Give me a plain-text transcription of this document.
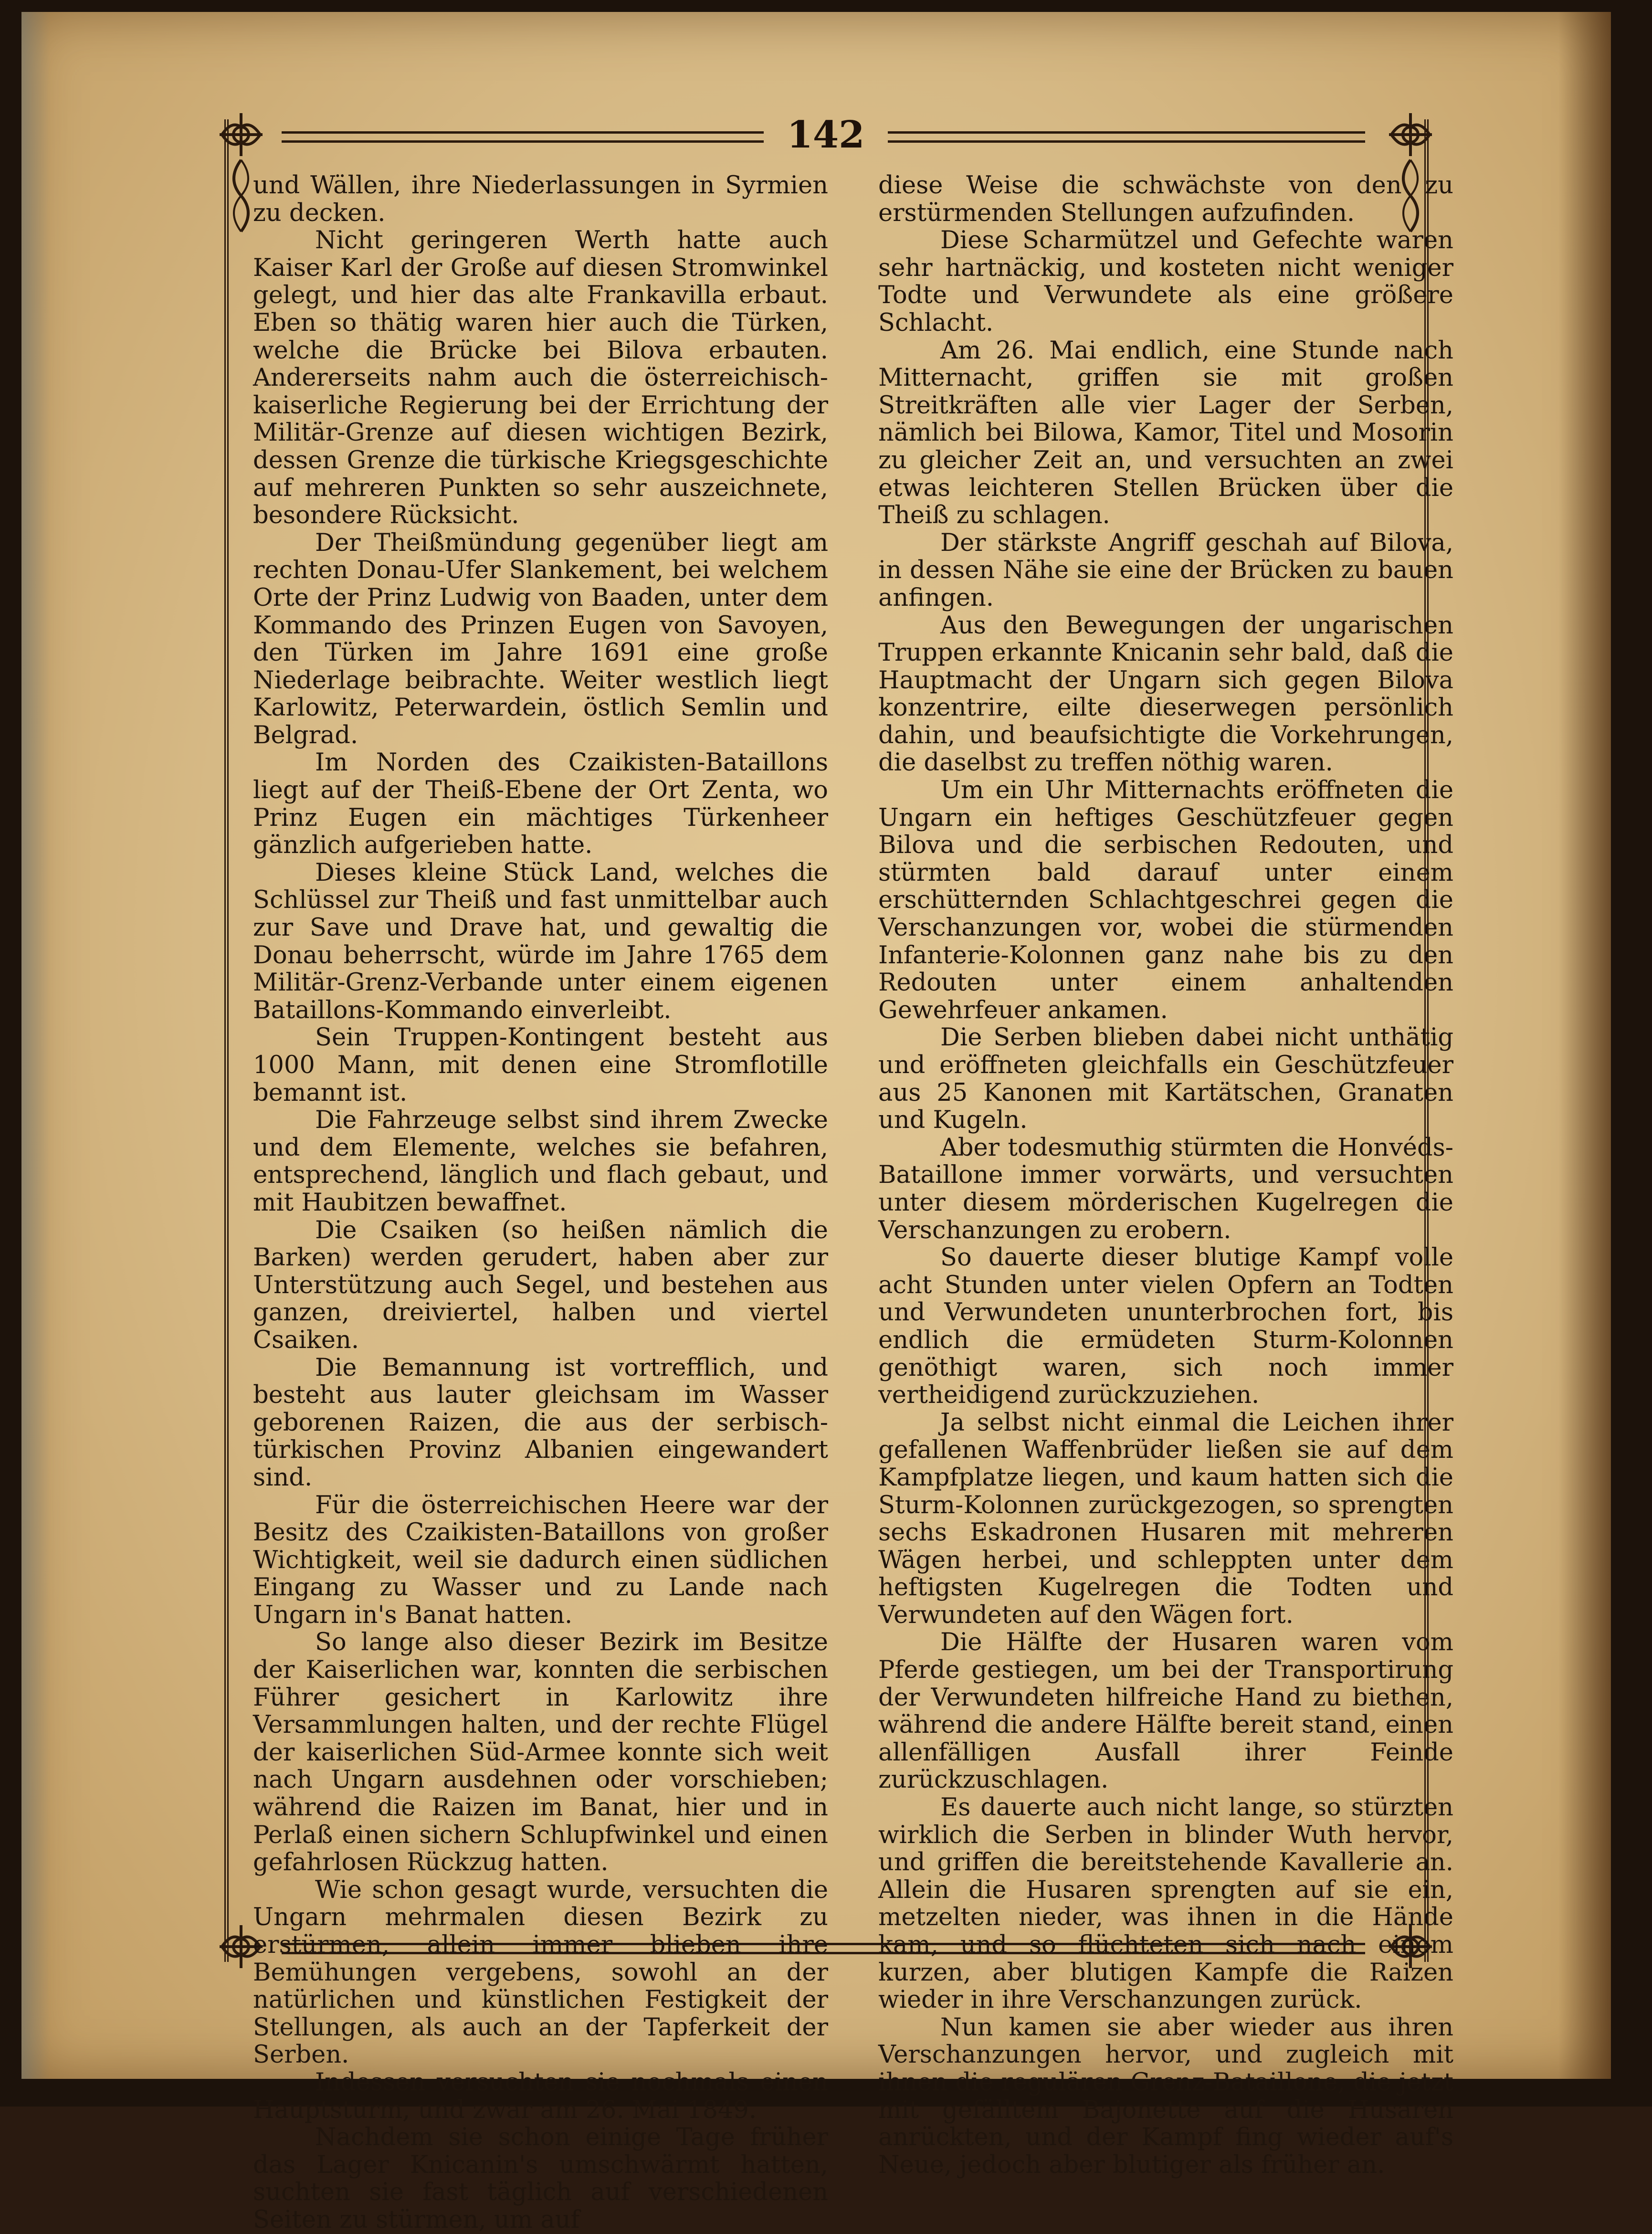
142

und Wällen, ihre Niederlassungen in Syrmien zu decken.

Nicht geringeren Werth hatte auch Kaiser Karl der Große auf diesen Stromwinkel gelegt, und hier das alte Frankavilla erbaut. Eben so thätig waren hier auch die Türken, welche die Brücke bei Bilova erbauten. Andererseits nahm auch die österreichisch-kaiserliche Regierung bei der Errichtung der Militär-Grenze auf diesen wichtigen Bezirk, dessen Grenze die türkische Kriegsgeschichte auf mehreren Punkten so sehr auszeichnete, besondere Rücksicht.

Der Theißmündung gegenüber liegt am rechten Donau-Ufer Slankement, bei welchem Orte der Prinz Ludwig von Baaden, unter dem Kommando des Prinzen Eugen von Savoyen, den Türken im Jahre 1691 eine große Niederlage beibrachte. Weiter westlich liegt Karlowitz, Peterwardein, östlich Semlin und Belgrad.

Im Norden des Czaikisten-Bataillons liegt auf der Theiß-Ebene der Ort Zenta, wo Prinz Eugen ein mächtiges Türkenheer gänzlich aufgerieben hatte.

Dieses kleine Stück Land, welches die Schlüssel zur Theiß und fast unmittelbar auch zur Save und Drave hat, und gewaltig die Donau beherrscht, würde im Jahre 1765 dem Militär-Grenz-Verbande unter einem eigenen Bataillons-Kommando einverleibt.

Sein Truppen-Kontingent besteht aus 1000 Mann, mit denen eine Stromflotille bemannt ist.

Die Fahrzeuge selbst sind ihrem Zwecke und dem Elemente, welches sie befahren, entsprechend, länglich und flach gebaut, und mit Haubitzen bewaffnet.

Die Csaiken (so heißen nämlich die Barken) werden gerudert, haben aber zur Unterstützung auch Segel, und bestehen aus ganzen, dreiviertel, halben und viertel Csaiken.

Die Bemannung ist vortrefflich, und besteht aus lauter gleichsam im Wasser geborenen Raizen, die aus der serbisch-türkischen Provinz Albanien eingewandert sind.

Für die österreichischen Heere war der Besitz des Czaikisten-Bataillons von großer Wichtigkeit, weil sie dadurch einen südlichen Eingang zu Wasser und zu Lande nach Ungarn in's Banat hatten.

So lange also dieser Bezirk im Besitze der Kaiserlichen war, konnten die serbischen Führer gesichert in Karlowitz ihre Versammlungen halten, und der rechte Flügel der kaiserlichen Süd-Armee konnte sich weit nach Ungarn ausdehnen oder vorschieben; während die Raizen im Banat, hier und in Perlaß einen sichern Schlupfwinkel und einen gefahrlosen Rückzug hatten.

Wie schon gesagt wurde, versuchten die Ungarn mehrmalen diesen Bezirk zu erstürmen, allein immer blieben ihre Bemühungen vergebens, sowohl an der natürlichen und künstlichen Festigkeit der Stellungen, als auch an der Tapferkeit der Serben.

Indessen versuchten sie nochmals einen Hauptsturm, und zwar am 26. Mai 1849.

Nachdem sie schon einige Tage früher das Lager Knicanin's umschwärmt hatten, suchten sie fast täglich auf verschiedenen Seiten zu stürmen, um auf

diese Weise die schwächste von den zu erstürmenden Stellungen aufzufinden.

Diese Scharmützel und Gefechte waren sehr hartnäckig, und kosteten nicht weniger Todte und Verwundete als eine größere Schlacht.

Am 26. Mai endlich, eine Stunde nach Mitternacht, griffen sie mit großen Streitkräften alle vier Lager der Serben, nämlich bei Bilowa, Kamor, Titel und Mosorin zu gleicher Zeit an, und versuchten an zwei etwas leichteren Stellen Brücken über die Theiß zu schlagen.

Der stärkste Angriff geschah auf Bilova, in dessen Nähe sie eine der Brücken zu bauen anfingen.

Aus den Bewegungen der ungarischen Truppen erkannte Knicanin sehr bald, daß die Hauptmacht der Ungarn sich gegen Bilova konzentrire, eilte dieserwegen persönlich dahin, und beaufsichtigte die Vorkehrungen, die daselbst zu treffen nöthig waren.

Um ein Uhr Mitternachts eröffneten die Ungarn ein heftiges Geschützfeuer gegen Bilova und die serbischen Redouten, und stürmten bald darauf unter einem erschütternden Schlachtgeschrei gegen die Verschanzungen vor, wobei die stürmenden Infanterie-Kolonnen ganz nahe bis zu den Redouten unter einem anhaltenden Gewehrfeuer ankamen.

Die Serben blieben dabei nicht unthätig und eröffneten gleichfalls ein Geschützfeuer aus 25 Kanonen mit Kartätschen, Granaten und Kugeln.

Aber todesmuthig stürmten die Honvéds-Bataillone immer vorwärts, und versuchten unter diesem mörderischen Kugelregen die Verschanzungen zu erobern.

So dauerte dieser blutige Kampf volle acht Stunden unter vielen Opfern an Todten und Verwundeten ununterbrochen fort, bis endlich die ermüdeten Sturm-Kolonnen genöthigt waren, sich noch immer vertheidigend zurückzuziehen.

Ja selbst nicht einmal die Leichen ihrer gefallenen Waffenbrüder ließen sie auf dem Kampfplatze liegen, und kaum hatten sich die Sturm-Kolonnen zurückgezogen, so sprengten sechs Eskadronen Husaren mit mehreren Wägen herbei, und schleppten unter dem heftigsten Kugelregen die Todten und Verwundeten auf den Wägen fort.

Die Hälfte der Husaren waren vom Pferde gestiegen, um bei der Transportirung der Verwundeten hilfreiche Hand zu biethen, während die andere Hälfte bereit stand, einen allenfälligen Ausfall ihrer Feinde zurückzuschlagen.

Es dauerte auch nicht lange, so stürzten wirklich die Serben in blinder Wuth hervor, und griffen die bereitstehende Kavallerie an. Allein die Husaren sprengten auf sie ein, metzelten nieder, was ihnen in die Hände kam, und so flüchteten sich nach einem kurzen, aber blutigen Kampfe die Raizen wieder in ihre Verschanzungen zurück.

Nun kamen sie aber wieder aus ihren Verschanzungen hervor, und zugleich mit ihnen die regulären Grenz-Bataillone, die jetzt mit gefälltem Bajonette auf die Husaren anrückten, und der Kampf fing wieder auf's Neue, jedoch aber blutiger als früher an.
